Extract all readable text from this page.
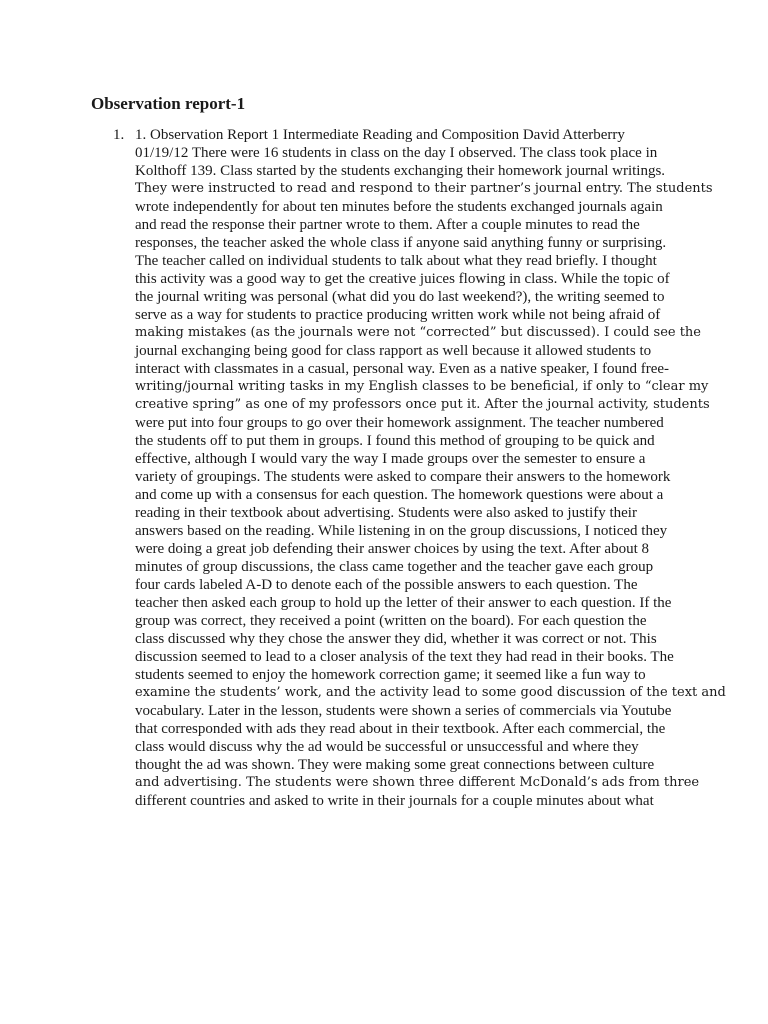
Observation report-1
1. 1. Observation Report 1 Intermediate Reading and Composition David Atterberry
01/19/12 There were 16 students in class on the day I observed. The class took place in
Kolthoff 139. Class started by the students exchanging their homework journal writings.
They were instructed to read and respond to their partner’s journal entry. The students
wrote independently for about ten minutes before the students exchanged journals again
and read the response their partner wrote to them. After a couple minutes to read the
responses, the teacher asked the whole class if anyone said anything funny or surprising.
The teacher called on individual students to talk about what they read briefly. I thought
this activity was a good way to get the creative juices flowing in class. While the topic of
the journal writing was personal (what did you do last weekend?), the writing seemed to
serve as a way for students to practice producing written work while not being afraid of
making mistakes (as the journals were not “corrected” but discussed). I could see the
journal exchanging being good for class rapport as well because it allowed students to
interact with classmates in a casual, personal way. Even as a native speaker, I found free-
writing/journal writing tasks in my English classes to be beneficial, if only to “clear my
creative spring” as one of my professors once put it. After the journal activity, students
were put into four groups to go over their homework assignment. The teacher numbered
the students off to put them in groups. I found this method of grouping to be quick and
effective, although I would vary the way I made groups over the semester to ensure a
variety of groupings. The students were asked to compare their answers to the homework
and come up with a consensus for each question. The homework questions were about a
reading in their textbook about advertising. Students were also asked to justify their
answers based on the reading. While listening in on the group discussions, I noticed they
were doing a great job defending their answer choices by using the text. After about 8
minutes of group discussions, the class came together and the teacher gave each group
four cards labeled A-D to denote each of the possible answers to each question. The
teacher then asked each group to hold up the letter of their answer to each question. If the
group was correct, they received a point (written on the board). For each question the
class discussed why they chose the answer they did, whether it was correct or not. This
discussion seemed to lead to a closer analysis of the text they had read in their books. The
students seemed to enjoy the homework correction game; it seemed like a fun way to
examine the students’ work, and the activity lead to some good discussion of the text and
vocabulary. Later in the lesson, students were shown a series of commercials via Youtube
that corresponded with ads they read about in their textbook. After each commercial, the
class would discuss why the ad would be successful or unsuccessful and where they
thought the ad was shown. They were making some great connections between culture
and advertising. The students were shown three different McDonald’s ads from three
different countries and asked to write in their journals for a couple minutes about what
